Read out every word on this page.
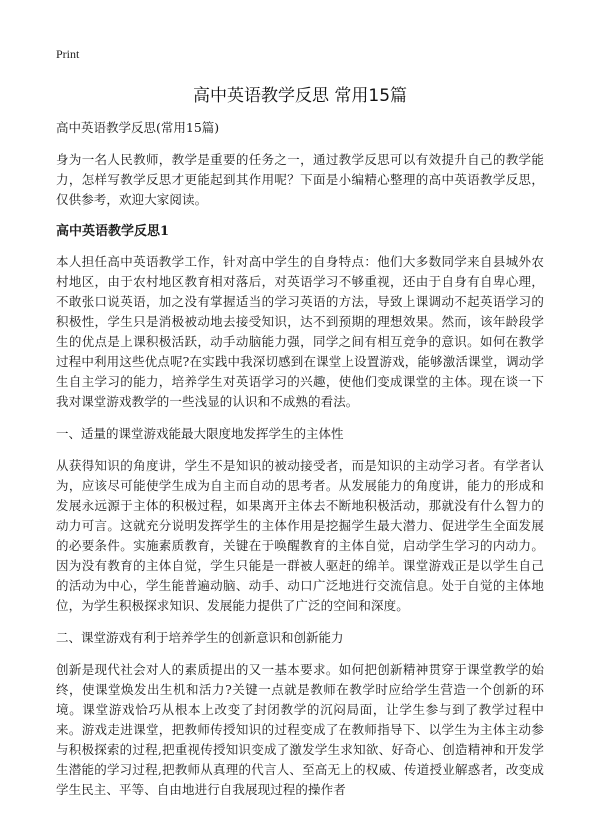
Print
高中英语教学反思 常用15篇

高中英语教学反思(常用15篇)

身为一名人民教师，教学是重要的任务之一，通过教学反思可以有效提升自己的教学能力，怎样写教学反思才更能起到其作用呢？下面是小编精心整理的高中英语教学反思，仅供参考，欢迎大家阅读。

高中英语教学反思1

本人担任高中英语教学工作，针对高中学生的自身特点：他们大多数同学来自县城外农村地区，由于农村地区教育相对落后，对英语学习不够重视，还由于自身有自卑心理，不敢张口说英语，加之没有掌握适当的学习英语的方法，导致上课调动不起英语学习的积极性，学生只是消极被动地去接受知识，达不到预期的理想效果。然而，该年龄段学生的优点是上课积极活跃，动手动脑能力强，同学之间有相互竞争的意识。如何在教学过程中利用这些优点呢?在实践中我深切感到在课堂上设置游戏，能够激活课堂，调动学生自主学习的能力，培养学生对英语学习的兴趣，使他们变成课堂的主体。现在谈一下我对课堂游戏教学的一些浅显的认识和不成熟的看法。

一、适量的课堂游戏能最大限度地发挥学生的主体性

从获得知识的角度讲，学生不是知识的被动接受者，而是知识的主动学习者。有学者认为，应该尽可能使学生成为自主而自动的思考者。从发展能力的角度讲，能力的形成和发展永远源于主体的积极过程，如果离开主体去不断地积极活动，那就没有什么智力的动力可言。这就充分说明发挥学生的主体作用是挖掘学生最大潜力、促进学生全面发展的必要条件。实施素质教育，关键在于唤醒教育的主体自觉，启动学生学习的内动力。因为没有教育的主体自觉，学生只能是一群被人驱赶的绵羊。课堂游戏正是以学生自己的活动为中心，学生能普遍动脑、动手、动口广泛地进行交流信息。处于自觉的主体地位，为学生积极探求知识、发展能力提供了广泛的空间和深度。

二、课堂游戏有利于培养学生的创新意识和创新能力

创新是现代社会对人的素质提出的又一基本要求。如何把创新精神贯穿于课堂教学的始终，使课堂焕发出生机和活力?关键一点就是教师在教学时应给学生营造一个创新的环境。课堂游戏恰巧从根本上改变了封闭教学的沉闷局面，让学生参与到了教学过程中来。游戏走进课堂，把教师传授知识的过程变成了在教师指导下、以学生为主体主动参与积极探索的过程,把重视传授知识变成了激发学生求知欲、好奇心、创造精神和开发学生潜能的学习过程,把教师从真理的代言人、至高无上的权威、传道授业解惑者，改变成学生民主、平等、自由地进行自我展现过程的操作者
